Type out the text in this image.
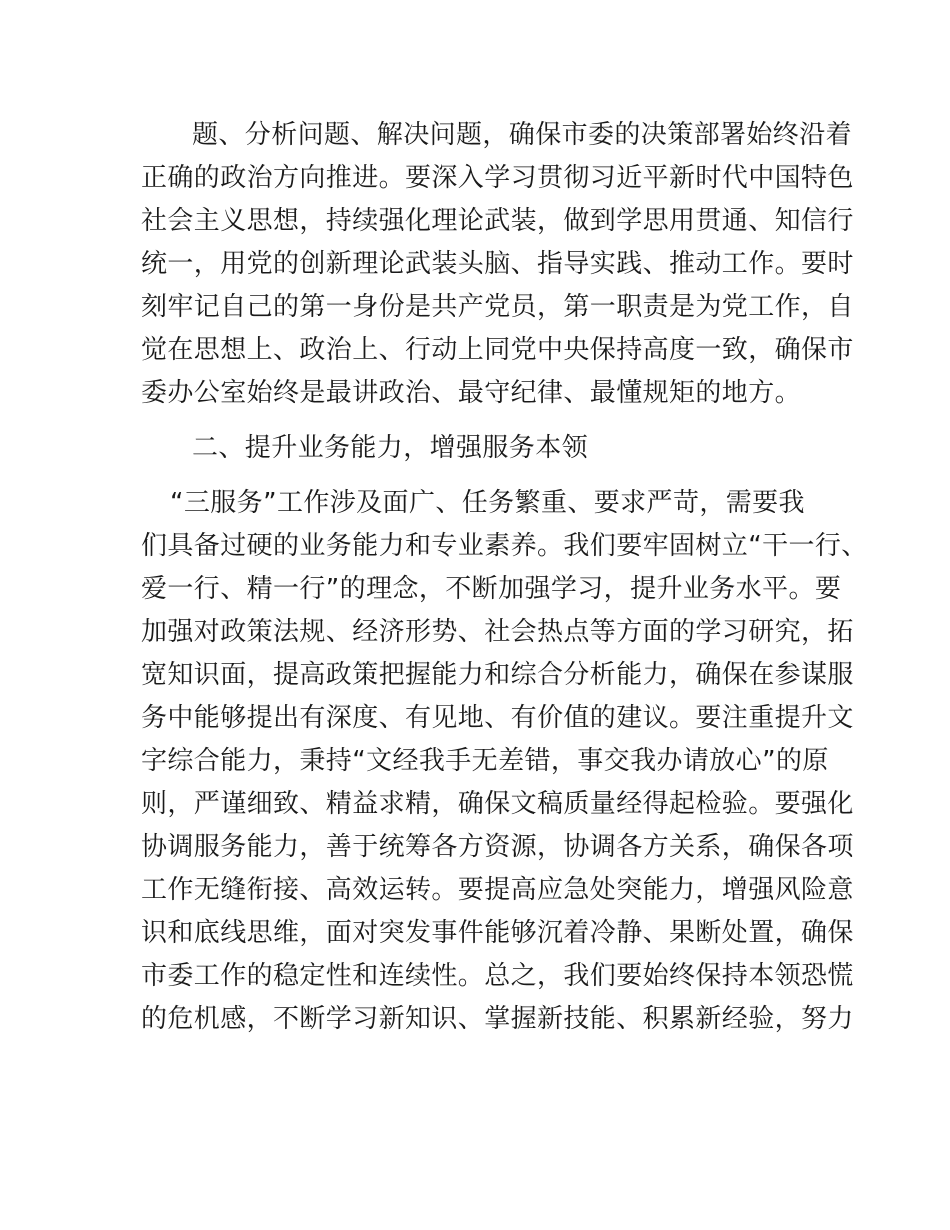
题、分析问题、解决问题，确保市委的决策部署始终沿着
正确的政治方向推进。要深入学习贯彻习近平新时代中国特色
社会主义思想，持续强化理论武装，做到学思用贯通、知信行
统一，用党的创新理论武装头脑、指导实践、推动工作。要时
刻牢记自己的第一身份是共产党员，第一职责是为党工作，自
觉在思想上、政治上、行动上同党中央保持高度一致，确保市
委办公室始终是最讲政治、最守纪律、最懂规矩的地方。
二、提升业务能力，增强服务本领
“三服务”工作涉及面广、任务繁重、要求严苛，需要我
们具备过硬的业务能力和专业素养。我们要牢固树立“干一行、
爱一行、精一行”的理念，不断加强学习，提升业务水平。要
加强对政策法规、经济形势、社会热点等方面的学习研究，拓
宽知识面，提高政策把握能力和综合分析能力，确保在参谋服
务中能够提出有深度、有见地、有价值的建议。要注重提升文
字综合能力，秉持“文经我手无差错，事交我办请放心”的原
则，严谨细致、精益求精，确保文稿质量经得起检验。要强化
协调服务能力，善于统筹各方资源，协调各方关系，确保各项
工作无缝衔接、高效运转。要提高应急处突能力，增强风险意
识和底线思维，面对突发事件能够沉着冷静、果断处置，确保
市委工作的稳定性和连续性。总之，我们要始终保持本领恐慌
的危机感，不断学习新知识、掌握新技能、积累新经验，努力
